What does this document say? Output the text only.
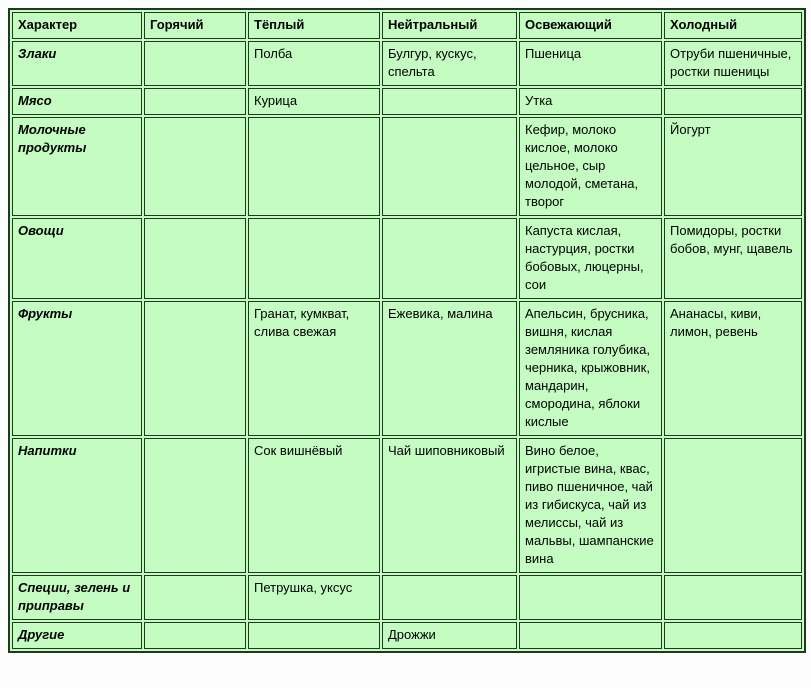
Характер	Горячий	Тёплый	Нейтральный	Освежающий	Холодный
Злаки		Полба	Булгур, кускус, спельта	Пшеница	Отруби пшеничные, ростки пшеницы
Мясо		Курица		Утка	
Молочные продукты				Кефир, молоко кислое, молоко цельное, сыр молодой, сметана, творог	Йогурт
Овощи				Капуста кислая, настурция, ростки бобовых, люцерны, сои	Помидоры, ростки бобов, мунг, щавель
Фрукты		Гранат, кумкват, слива свежая	Ежевика, малина	Апельсин, брусника, вишня, кислая земляника голубика, черника, крыжовник, мандарин, смородина, яблоки кислые	Ананасы, киви, лимон, ревень
Напитки		Сок вишнёвый	Чай шиповниковый	Вино белое, игристые вина, квас, пиво пшеничное, чай из гибискуса, чай из мелиссы, чай из мальвы, шампанские вина	
Специи, зелень и приправы		Петрушка, уксус			
Другие			Дрожжи		
